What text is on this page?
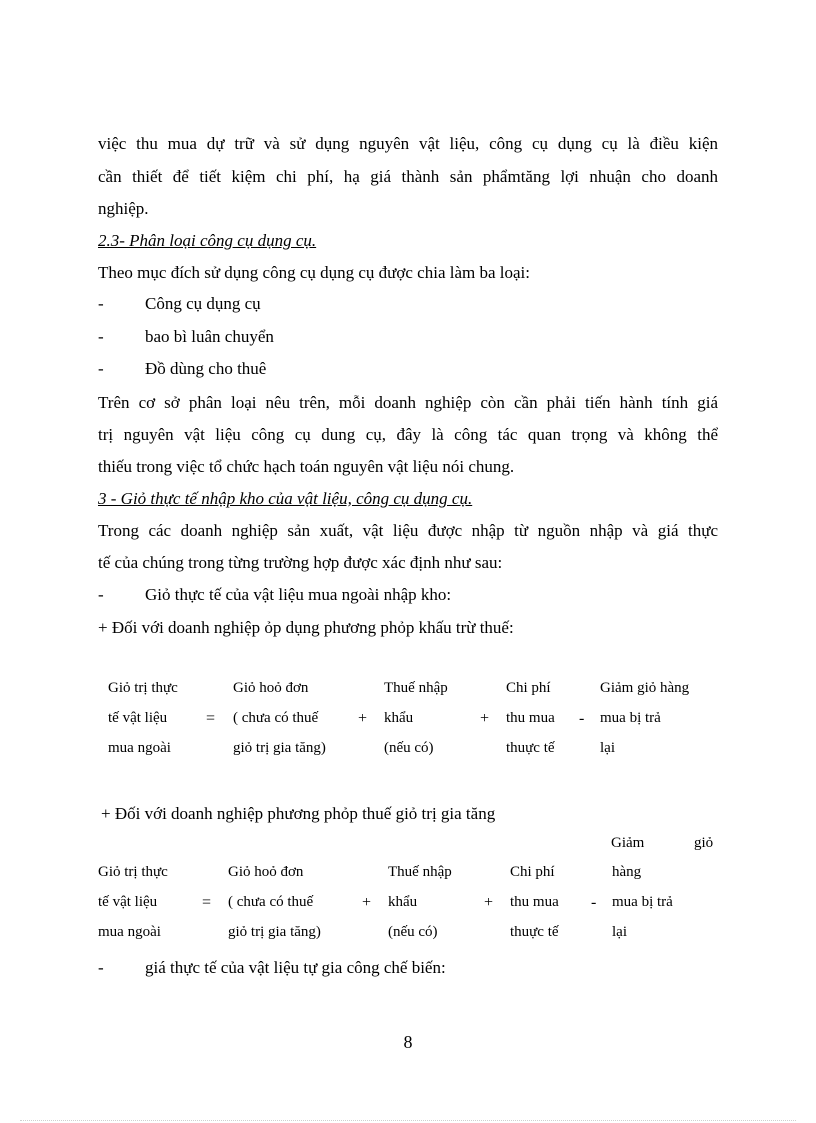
việc thu mua dự trữ và sử dụng nguyên vật liệu, công cụ dụng cụ là điều kiện
cần thiết để tiết kiệm chi phí, hạ giá thành sản phẩmtăng lợi nhuận cho doanh
nghiệp.
2.3- Phân loại công cụ dụng cụ.
Theo mục đích sử dụng công cụ dụng cụ được chia làm ba loại:
- Công cụ dụng cụ
- bao bì luân chuyển
- Đồ dùng cho thuê
Trên cơ sở phân loại nêu trên, mỗi doanh nghiệp còn cần phải tiến hành tính giá
trị nguyên vật liệu công cụ dung cụ, đây là công tác quan trọng và không thể
thiếu trong việc tổ chức hạch toán nguyên vật liệu nói chung.
3 - Giỏ thực tế nhập kho của vật liệu, công cụ dụng cụ.
Trong các doanh nghiệp sản xuất, vật liệu được nhập từ nguồn nhập và giá thực
tế của chúng trong từng trường hợp được xác định như sau:
- Giỏ thực tế của vật liệu mua ngoài nhập kho:
+ Đối với doanh nghiệp ỏp dụng phương phỏp khấu trừ thuế:
Giỏ trị thực
tế vật liệu
mua ngoài
=
Giỏ hoỏ đơn
( chưa có thuế
giỏ trị gia tăng)
+
Thuế nhập
khẩu
(nếu có)
+
Chi phí
thu mua
thuực tế
-
Giảm giỏ hàng
mua bị trả
lại
+ Đối với doanh nghiệp phương phỏp thuế giỏ trị gia tăng
Giảm	giỏ
Giỏ trị thực
tế vật liệu
mua ngoài
=
Giỏ hoỏ đơn
( chưa có thuế
giỏ trị gia tăng)
+
Thuế nhập
khẩu
(nếu có)
+
Chi phí
thu mua
thuực tế
-
hàng
mua bị trả
lại
- giá thực tế của vật liệu tự gia công chế biến:
8
